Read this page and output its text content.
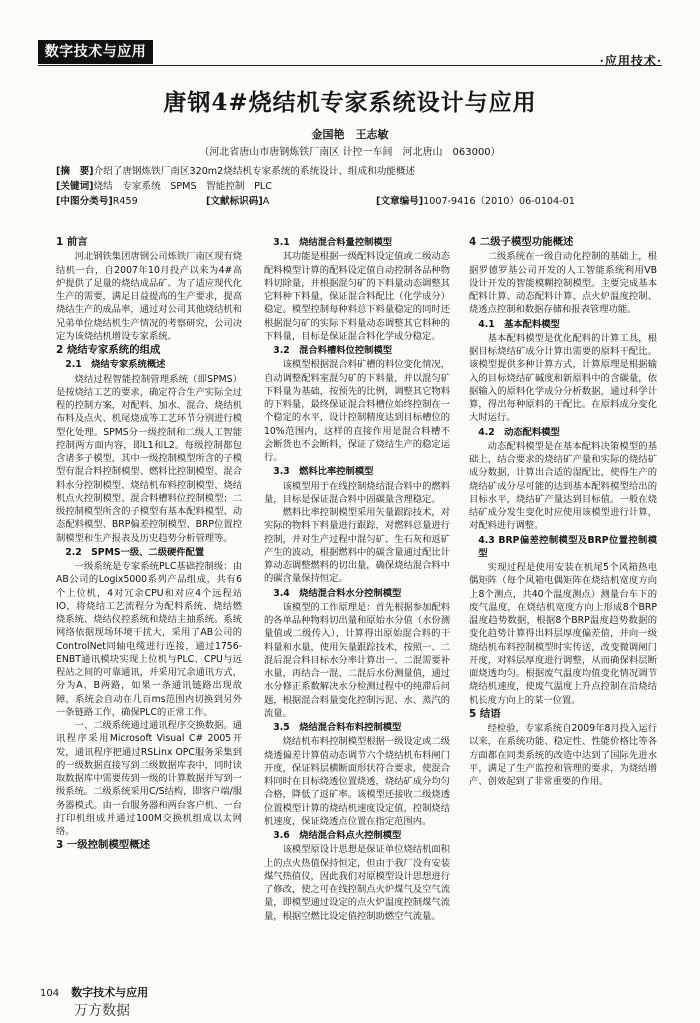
数字技术与应用
·应用技术·
唐钢4#烧结机专家系统设计与应用
金国艳　王志敏
（河北省唐山市唐钢炼铁厂南区 计控一车间　河北唐山　063000）
[摘　要]介绍了唐钢炼铁厂南区320m2烧结机专家系统的系统设计、组成和功能概述
[关键词]烧结　专家系统　SPMS　智能控制　PLC
[中图分类号]R459	[文献标识码]A	[文章编号]1007-9416（2010）06-0104-01
1 前言

河北钢铁集团唐钢公司炼铁厂南区现有烧结机一台，自2007年10月投产以来为4#高炉提供了足量的烧结成品矿。为了适应现代化生产的需要，满足日益提高的生产要求，提高烧结生产的成品率，通过对公司其他烧结机和兄弟单位烧结机生产情况的考察研究，公司决定为该烧结机增设专家系统。

2 烧结专家系统的组成
2.1　烧结专家系统概述

烧结过程智能控制管理系统（即SPMS）是按烧结工艺的要求，确定符合生产实际全过程的控制方案，对配料、加水、混合、烧结机布料及点火、机尾烧成等工艺环节分别进行模型化处理。SPMS分一级控制和二级人工智能控制两方面内容，即L1和L2。每级控制都包含诸多子模型，其中一级控制模型所含的子模型有混合料控制模型、燃料比控制模型、混合料水分控制模型、烧结机布料控制模型、烧结机点火控制模型、混合料槽料位控制模型；二级控制模型所含的子模型有基本配料模型、动态配料模型、BRP偏差控制模型、BRP位置控制模型和生产报表及历史趋势分析管理等。

2.2　SPMS一级、二级硬件配置

一级系统是专家系统PLC基础控制级：由AB公司的Logix5000系列产品组成，共有6个上位机，4对冗余CPU和对应4个远程站IO，将烧结工艺流程分为配料系统、烧结燃烧系统、烧结仪控系统和烧结主抽系统。系统网络依据现场环境干扰大，采用了AB公司的ControlNet同轴电缆进行连接，通过1756-ENBT通讯模块实现上位机与PLC、CPU与远程站之间的可靠通讯，并采用冗余通讯方式，分为A、B两路，如果一条通讯链路出现故障，系统会自动在几百ms范围内切换到另外一条链路工作，确保PLC的正常工作。

一、二级系统通过通讯程序交换数据。通讯程序采用Microsoft Visual C# 2005开发，通讯程序把通过RSLinx OPC服务采集到的一级数据直接写到二级数据库表中，同时读取数据库中需要传到一级的计算数据并写到一级系统。二级系统采用C/S结构，即客户端/服务器模式。由一台服务器和两台客户机、一台打印机组成并通过100M交换机组成以太网络。

3 一级控制模型概述
3.1　烧结混合料量控制模型

其功能是根据一级配料设定值或二级动态配料模型计算的配料设定值自动控制各品种物料切除量，并根据混匀矿的下料量动态调整其它料种下料量，保证混合料配比（化学成分）稳定。模型控制每种料总下料量稳定的同时还根据混匀矿的实际下料量动态调整其它料种的下料量，目标是保证混合料化学成分稳定。

3.2　混合料槽料位控制模型

该模型根据混合料矿槽的料位变化情况，自动调整配料室混匀矿的下料量，并以混匀矿下料量为基础，按预先的比例，调整其它物料的下料量，最终保证混合料槽位始终控制在一个稳定的水平，设计控制精度达到目标槽位的10%范围内，这样的直接作用是混合料槽不会断货也不会断料，保证了烧结生产的稳定运行。

3.3　燃料比率控制模型

该模型用于在线控制烧结混合料中的燃料量，目标是保证混合料中固碳量含理稳定。

燃料比率控制模型采用矢量跟踪技术，对实际的物料下料量进行跟踪，对燃料总量进行控制，并对生产过程中混匀矿、生石灰和返矿产生的波动，根据燃料中的碳含量通过配比计算动态调整燃料的切出量，确保烧结混合料中的碳含量保持恒定。

3.4　烧结混合料水分控制模型

该模型的工作原理是：首先根据参加配料的各单品种物料切出量和原始水分值（水份测量值或二级传入），计算得出原始混合料的干料量和水量，使用矢量跟踪技术，按照一、二混后混合料目标水分率计算出一、二混需要补水量，再结合一混、二混后水份测量值，通过水分修正系数解决水分检测过程中的纯滞后问题，根据混合料量变化控制污泥、水、蒸汽的流量。

3.5　烧结混合料布料控制模型

烧结机布料控制模型根据一级设定或二级烧透偏差计算值动态调节六个烧结机布料闸门开度，保证料层横断面形状符合要求，使混合料同时在目标烧透位置烧透，烧结矿成分均匀合格，降低了返矿率。该模型还接收二级烧透位置模型计算的烧结机速度设定值，控制烧结机速度，保证烧透点位置在指定范围内。

3.6　烧结混合料点火控制模型

该模型原设计思想是保证单位烧结机面积上的点火热值保持恒定，但由于我厂没有安装煤气热值仪，因此我们对原模型设计思想进行了修改，使之可在线控制点火炉煤气及空气流量，即模型通过设定的点火炉温度控制煤气流量，根据空燃比设定值控制助燃空气流量。

4 二级子模型功能概述

二级系统在一级自动化控制的基础上，根据罗德罗基公司开发的人工智能系统利用VB设计开发的智能模糊控制模型。主要完成基本配料计算、动态配料计算、点火炉温度控制、烧透点控制和数据存储和报表管理功能。

4.1　基本配料模型

基本配料模型是优化配料的计算工具，根据目标烧结矿成分计算出需要的原料干配比。该模型提供多种计算方式，计算原理是根据输入的目标烧结矿碱度和新原料中的含碳量，依据输入的原料化学成分分析数据，通过科学计算，得出每种原料的干配比。在原料成分变化大时运行。

4.2　动态配料模型

动态配料模型是在基本配料决策模型的基础上，结合要求的烧结矿产量和实际的烧结矿成分数据，计算出合适的湿配比，使得生产的烧结矿成分尽可能的达到基本配料模型给出的目标水平，烧结矿产量达到目标值。一般在烧结矿成分发生变化时应使用该模型进行计算，对配料进行调整。

4.3 BRP偏差控制模型及BRP位置控制模型

实现过程是使用安装在机尾5个风箱热电偶矩阵（每个风箱电偶矩阵在烧结机宽度方向上8个测点，共40个温度测点）测量台车下的废气温度，在烧结机宽度方向上形成8个BRP温度趋势数据，根据8个BRP温度趋势数据的变化趋势计算得出料层厚度偏差值，并向一级烧结机布料控制模型时实传送，改变微调闸门开度，对料层厚度进行调整，从而确保料层断面烧透均匀。根据废气温度均值变化情况调节烧结机速度，使废气温度上升点控制在沿烧结机长度方向上的某一位置。

5 结语

经检验，专家系统自2009年8月投入运行以来，在系统功能、稳定性、性能价格比等各方面都在同类系统的改造中达到了国际先进水平，满足了生产监控和管理的要求，为烧结增产、创效起到了非常重要的作用。

104 数字技术与应用
万方数据
